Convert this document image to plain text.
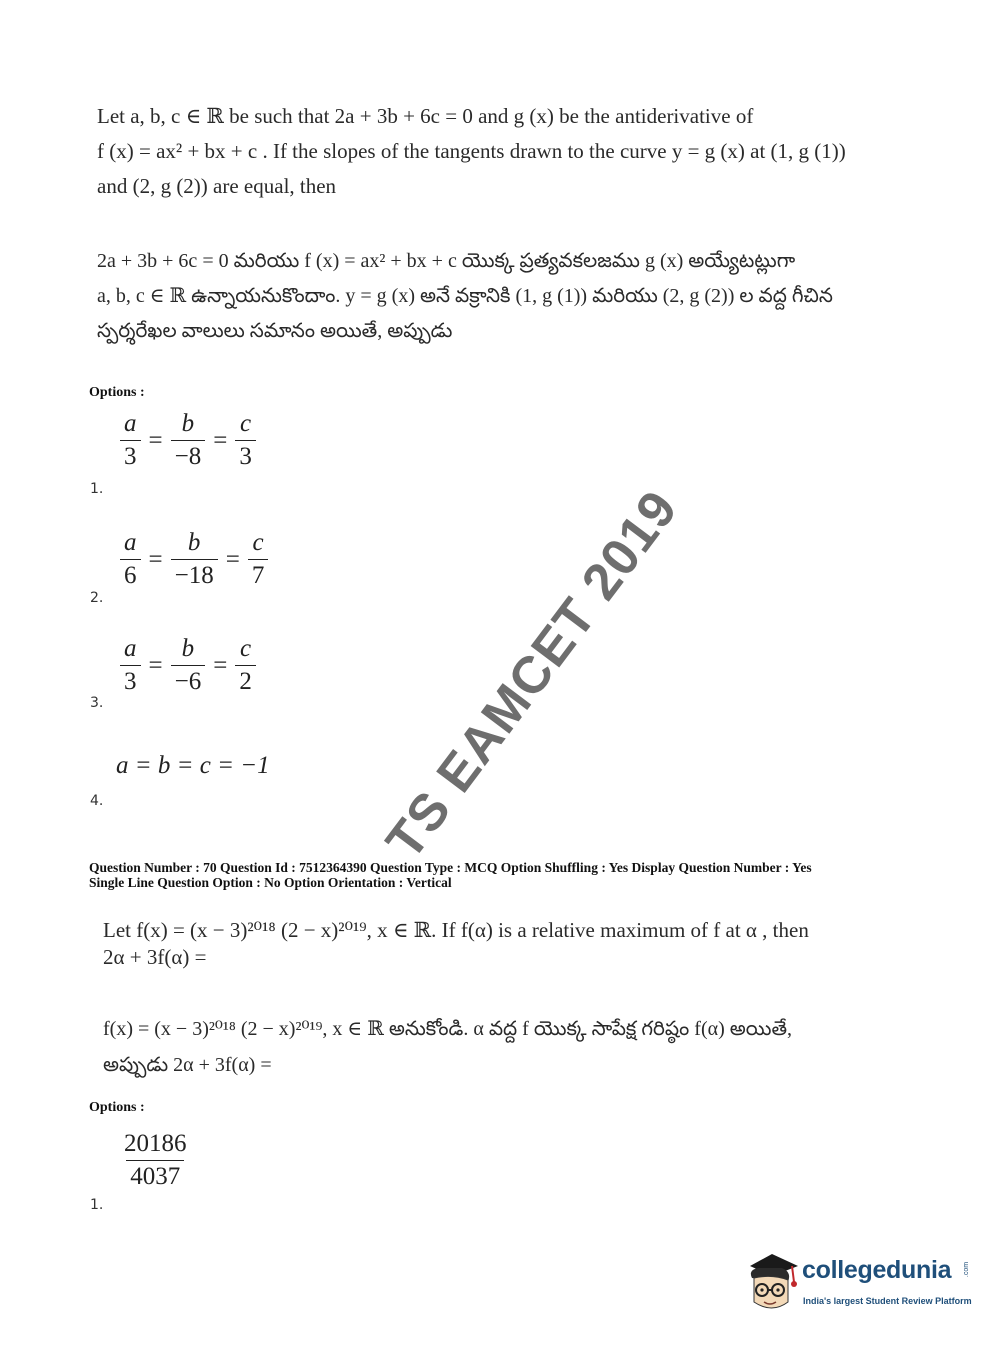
Let a, b, c ∈ ℝ be such that 2a + 3b + 6c = 0 and g (x) be the antiderivative of
f (x) = ax² + bx + c . If the slopes of the tangents drawn to the curve y = g (x) at (1, g (1))
and (2, g (2)) are equal, then
2a + 3b + 6c = 0 మరియు f (x) = ax² + bx + c యొక్క ప్రత్యవకలజము g (x) అయ్యేటట్లుగా
a, b, c ∈ ℝ ఉన్నాయనుకొందాం. y = g (x) అనే వక్రానికి (1, g (1)) మరియు (2, g (2)) ల వద్ద గీచిన
స్పర్శరేఖల వాలులు సమానం అయితే, అప్పుడు
Options :
$\frac{a}{3} = \frac{b}{-8} = \frac{c}{3}$
1.
$\frac{a}{6} = \frac{b}{-18} = \frac{c}{7}$
2.
$\frac{a}{3} = \frac{b}{-6} = \frac{c}{2}$
3.
a = b = c = −1
4.	TS EAMCET 2019
Question Number : 70 Question Id : 7512364390 Question Type : MCQ Option Shuffling : Yes Display Question Number : Yes
Single Line Question Option : No Option Orientation : Vertical
Let f(x) = (x − 3)²⁰¹⁸ (2 − x)²⁰¹⁹, x ∈ ℝ. If f(α) is a relative maximum of f at α , then
2α + 3f(α) =
f(x) = (x − 3)²⁰¹⁸ (2 − x)²⁰¹⁹, x ∈ ℝ అనుకోండి. α వద్ద f యొక్క సాపేక్ష గరిష్ఠం f(α) అయితే,
అప్పుడు 2α + 3f(α) =
Options :
$\frac{20186}{4037}$
1.
collegedunia .com
India's largest Student Review Platform
